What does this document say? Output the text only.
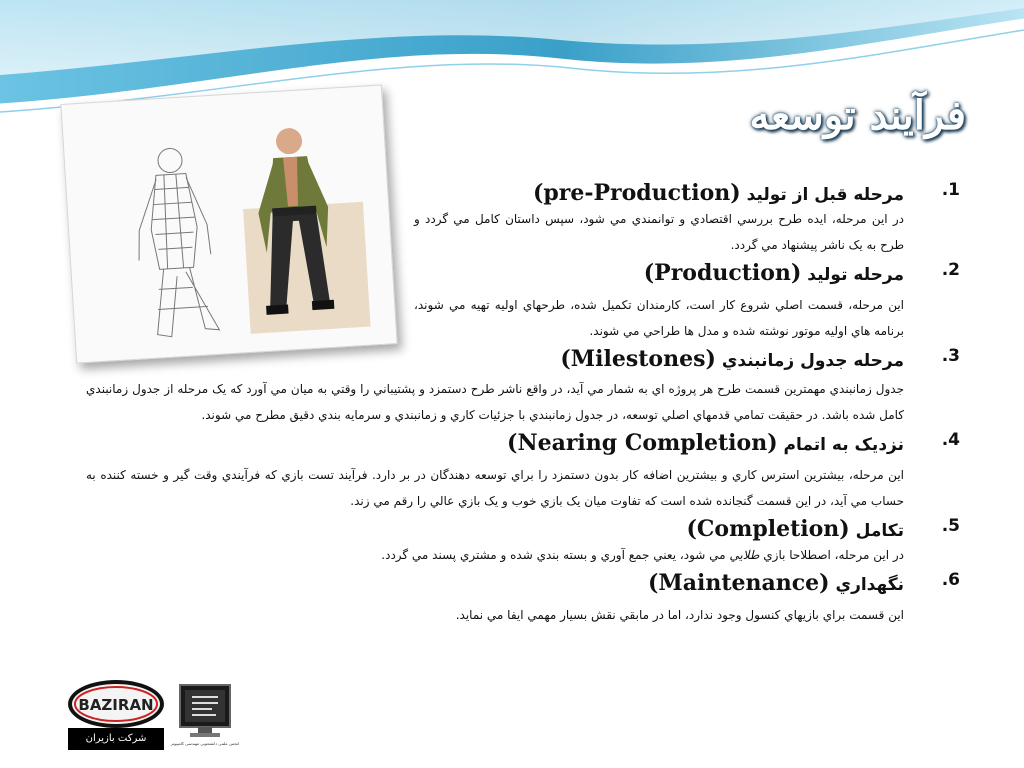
فرآیند توسعه
.1
مرحله قبل از توليد (pre-Production)
در اين مرحله، ايده طرح بررسي اقتصادي و توانمندي مي شود، سپس داستان كامل مي گردد و طرح به يک ناشر پيشنهاد مي گردد.
.2
مرحله توليد (Production)
اين مرحله، قسمت اصلي شروع كار است، كارمندان تكميل شده، طرحهاي اوليه تهيه مي شوند، برنامه هاي اوليه موتور نوشته شده و مدل ها طراحي مي شوند.
.3
مرحله جدول زمانبندي (Milestones)
جدول زمانبندي مهمترين قسمت طرح هر پروژه اي به شمار مي آيد، در واقع ناشر طرح دستمزد و پشتيباني را وقتي به ميان مي آورد كه يک مرحله از جدول زمانبندي كامل شده باشد. در حقيقت تمامي قدمهاي اصلي توسعه، در جدول زمانبندي با جزئيات كاري و زمانبندي و سرمايه بندي دقيق مطرح مي شوند.
.4
نزديک به اتمام (Nearing Completion)
اين مرحله، بيشترين استرس كاري و بيشترين اضافه كار بدون دستمزد را براي توسعه دهندگان در بر دارد. فرآيند تست بازي كه فرآيندي وقت گير و خسته كننده به حساب مي آيد، در اين قسمت گنجانده شده است كه تفاوت ميان يک بازي خوب و يک بازي عالي را رقم مي زند.
.5
تكامل (Completion)
در اين مرحله، اصطلاحا بازي طلايي مي شود، يعني جمع آوري و بسته بندي شده و مشتري پسند مي گردد.
.6
نگهداري (Maintenance)
اين قسمت براي بازيهاي كنسول وجود ندارد، اما در مابقي نقش بسيار مهمي ايفا مي نمايد.
BAZIRAN
شرکت بازیران	انجمن علمی دانشجویی مهندسی کامپیوتر
